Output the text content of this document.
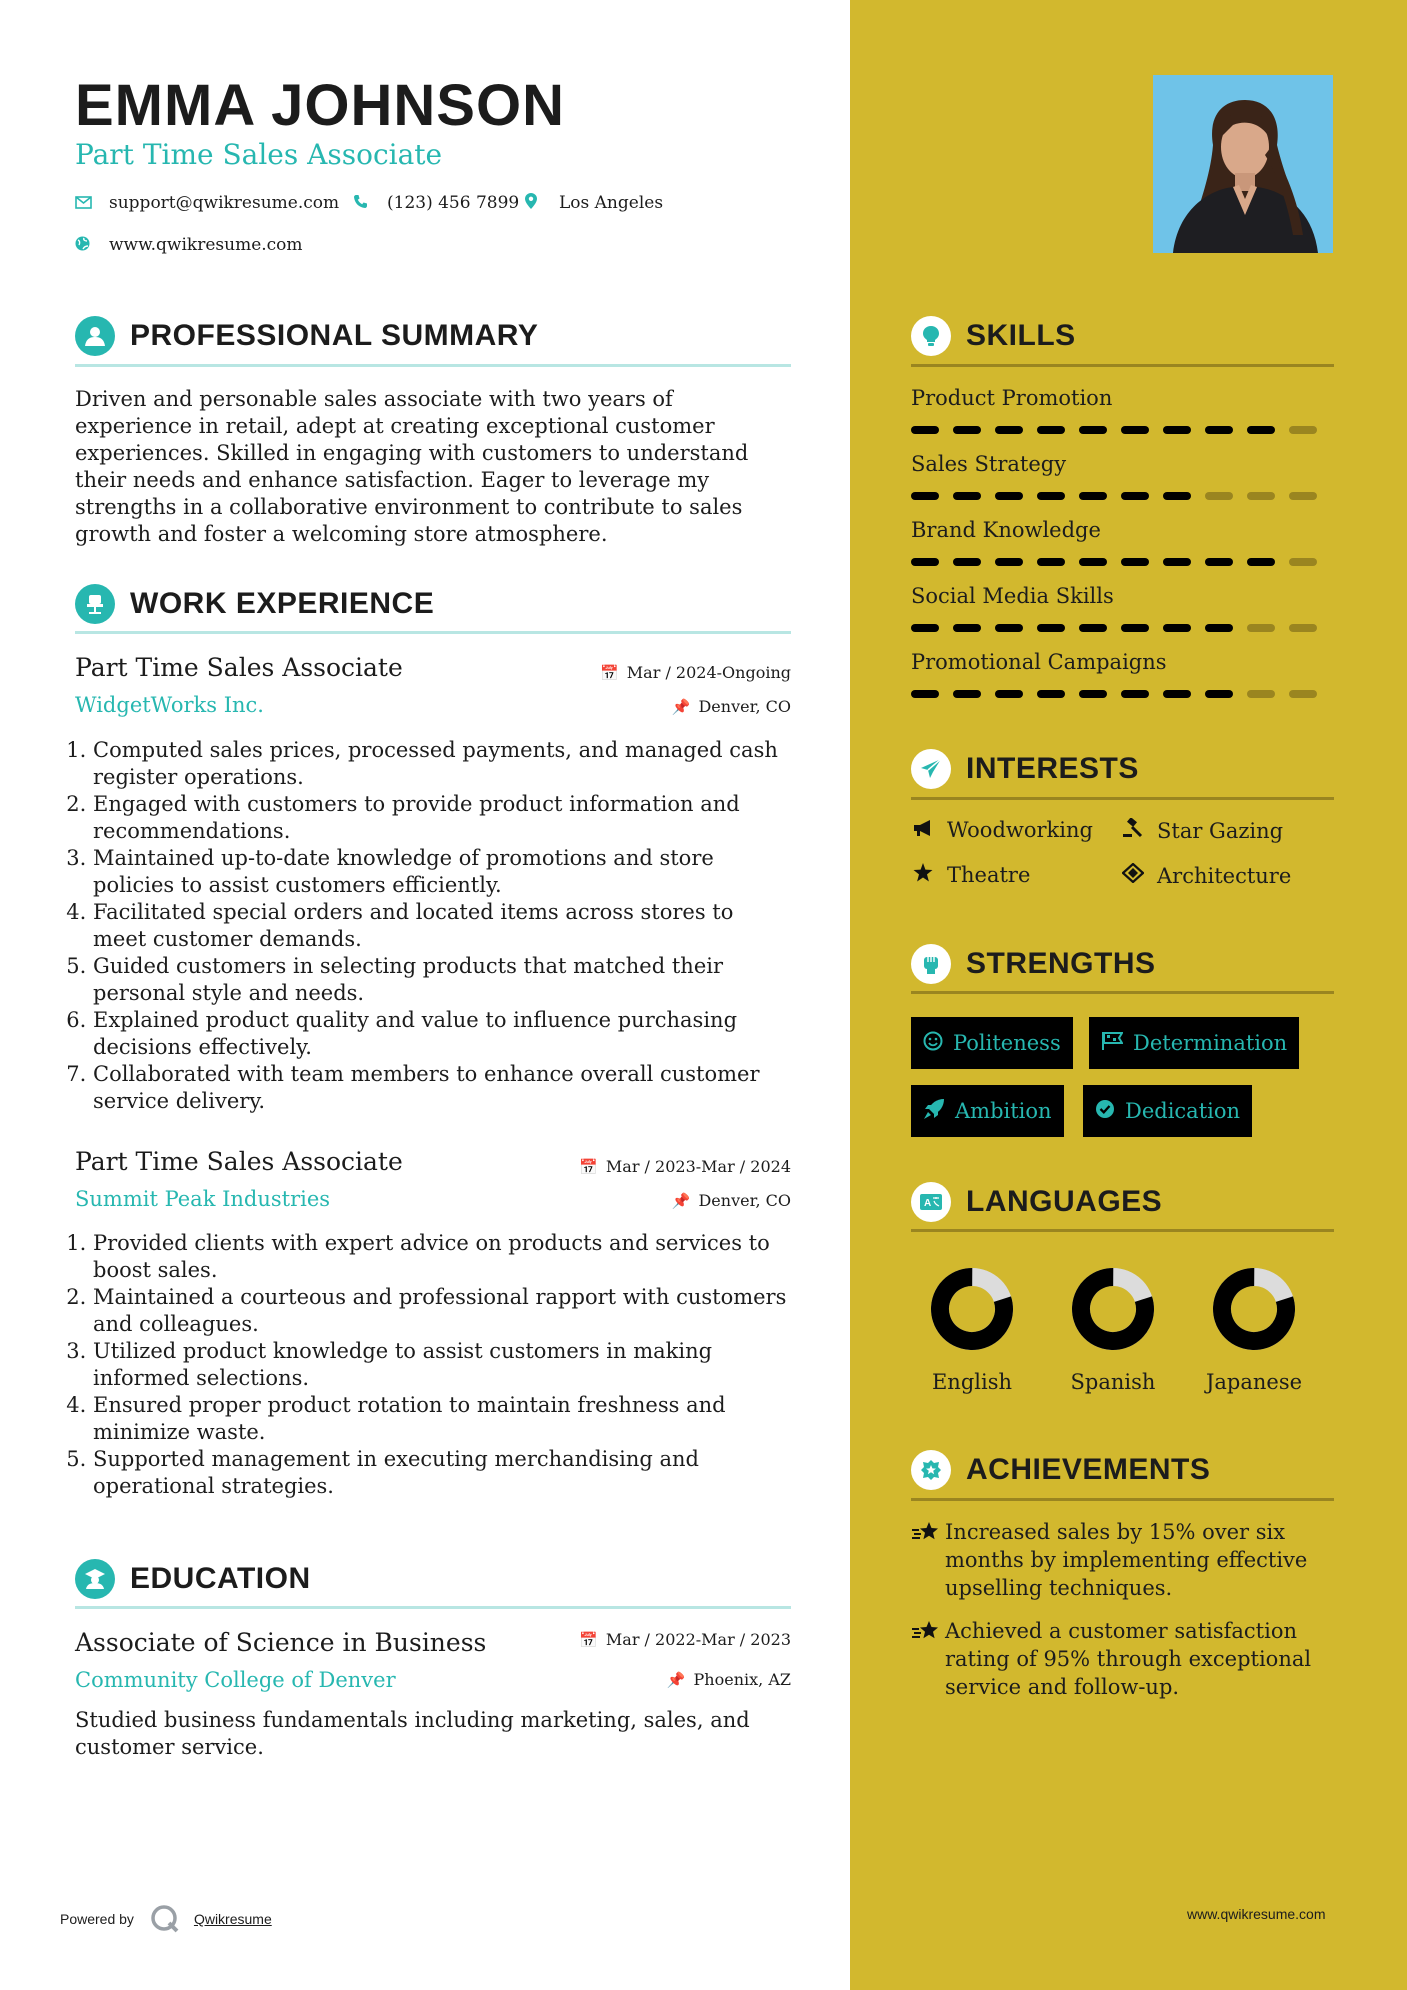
EMMA JOHNSON
Part Time Sales Associate
support@qwikresume.com	(123) 456 7899 Los Angeles
www.qwikresume.com
PROFESSIONAL SUMMARY
Driven and personable sales associate with two years of experience in retail, adept at creating exceptional customer experiences. Skilled in engaging with customers to understand their needs and enhance satisfaction. Eager to leverage my strengths in a collaborative environment to contribute to sales growth and foster a welcoming store atmosphere.
WORK EXPERIENCE
Part Time Sales Associate
WidgetWorks Inc.
📅 Mar / 2024-Ongoing
📌 Denver, CO
1. Computed sales prices, processed payments, and managed cash register operations.
2. Engaged with customers to provide product information and recommendations.
3. Maintained up-to-date knowledge of promotions and store policies to assist customers efficiently.
4. Facilitated special orders and located items across stores to meet customer demands.
5. Guided customers in selecting products that matched their personal style and needs.
6. Explained product quality and value to influence purchasing decisions effectively.
7. Collaborated with team members to enhance overall customer service delivery.
Part Time Sales Associate
Summit Peak Industries
📅 Mar / 2023-Mar / 2024
📌 Denver, CO
1. Provided clients with expert advice on products and services to boost sales.
2. Maintained a courteous and professional rapport with customers and colleagues.
3. Utilized product knowledge to assist customers in making informed selections.
4. Ensured proper product rotation to maintain freshness and minimize waste.
5. Supported management in executing merchandising and operational strategies.
EDUCATION
Associate of Science in Business
Community College of Denver
📅 Mar / 2022-Mar / 2023
📌 Phoenix, AZ
Studied business fundamentals including marketing, sales, and customer service.
SKILLS
Product Promotion
Sales Strategy
Brand Knowledge
Social Media Skills
Promotional Campaigns
INTERESTS
Woodworking	Star Gazing
Theatre	Architecture
STRENGTHS
Politeness	Determination
Ambition	Dedication
A LANGUAGES
English	Spanish	Japanese
ACHIEVEMENTS
Increased sales by 15% over six months by implementing effective upselling techniques.
Achieved a customer satisfaction rating of 95% through exceptional service and follow-up.
Powered by	Qwikresume	www.qwikresume.com
